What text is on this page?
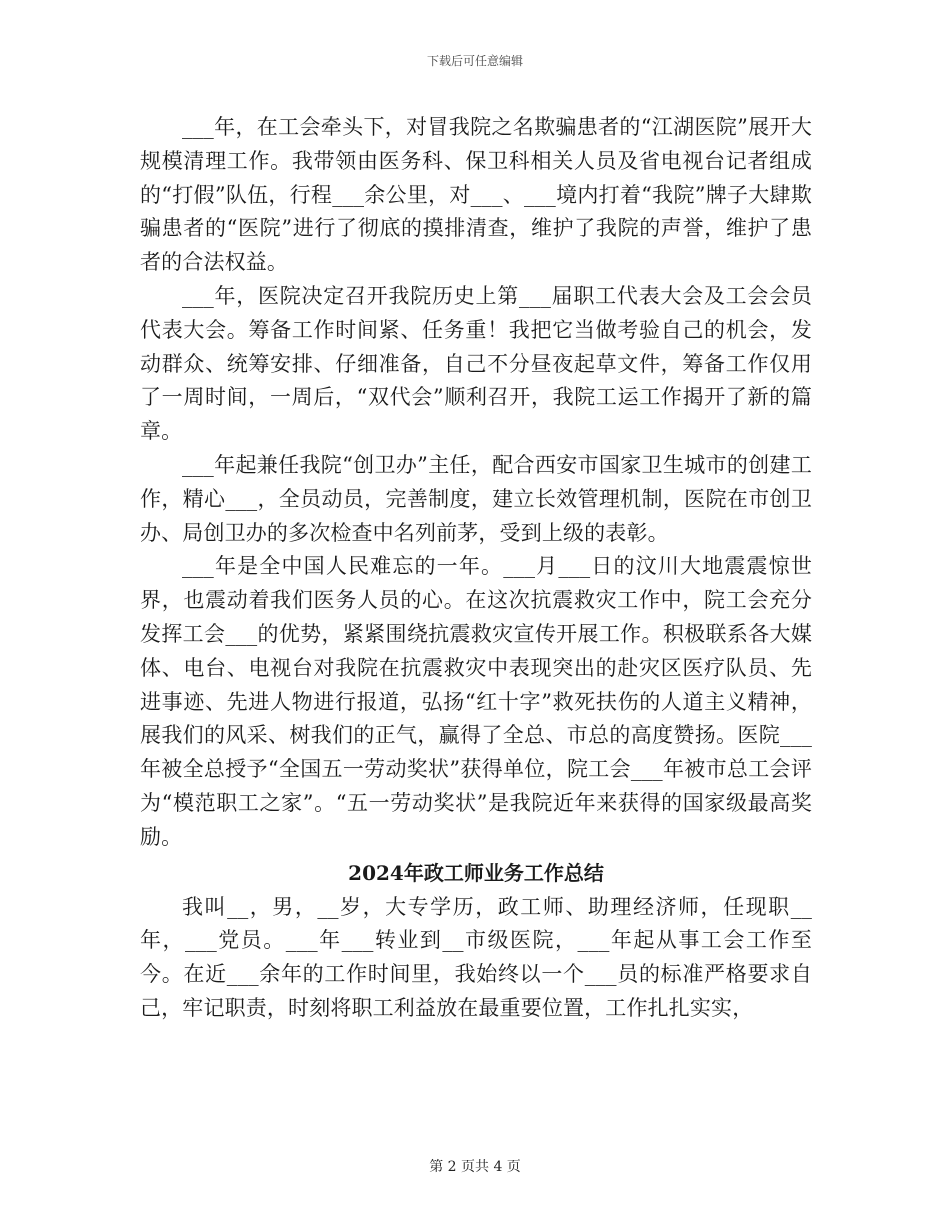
下载后可任意编辑

___年，在工会牵头下，对冒我院之名欺骗患者的“江湖医院”展开大规模清理工作。我带领由医务科、保卫科相关人员及省电视台记者组成的“打假”队伍，行程___余公里，对___、___境内打着“我院”牌子大肆欺骗患者的“医院”进行了彻底的摸排清查，维护了我院的声誉，维护了患者的合法权益。

___年，医院决定召开我院历史上第___届职工代表大会及工会会员代表大会。筹备工作时间紧、任务重！我把它当做考验自己的机会，发动群众、统筹安排、仔细准备，自己不分昼夜起草文件，筹备工作仅用了一周时间，一周后，“双代会”顺利召开，我院工运工作揭开了新的篇章。

___年起兼任我院“创卫办”主任，配合西安市国家卫生城市的创建工作，精心___，全员动员，完善制度，建立长效管理机制，医院在市创卫办、局创卫办的多次检查中名列前茅，受到上级的表彰。

___年是全中国人民难忘的一年。___月___日的汶川大地震震惊世界，也震动着我们医务人员的心。在这次抗震救灾工作中，院工会充分发挥工会___的优势，紧紧围绕抗震救灾宣传开展工作。积极联系各大媒体、电台、电视台对我院在抗震救灾中表现突出的赴灾区医疗队员、先进事迹、先进人物进行报道，弘扬“红十字”救死扶伤的人道主义精神，展我们的风采、树我们的正气，赢得了全总、市总的高度赞扬。医院___年被全总授予“全国五一劳动奖状”获得单位，院工会___年被市总工会评为“模范职工之家”。“五一劳动奖状”是我院近年来获得的国家级最高奖励。

2024年政工师业务工作总结

我叫__，男，__岁，大专学历，政工师、助理经济师，任现职__年，___党员。___年___转业到__市级医院，___年起从事工会工作至今。在近___余年的工作时间里，我始终以一个___员的标准严格要求自己，牢记职责，时刻将职工利益放在最重要位置，工作扎扎实实，

第 2 页共 4 页
